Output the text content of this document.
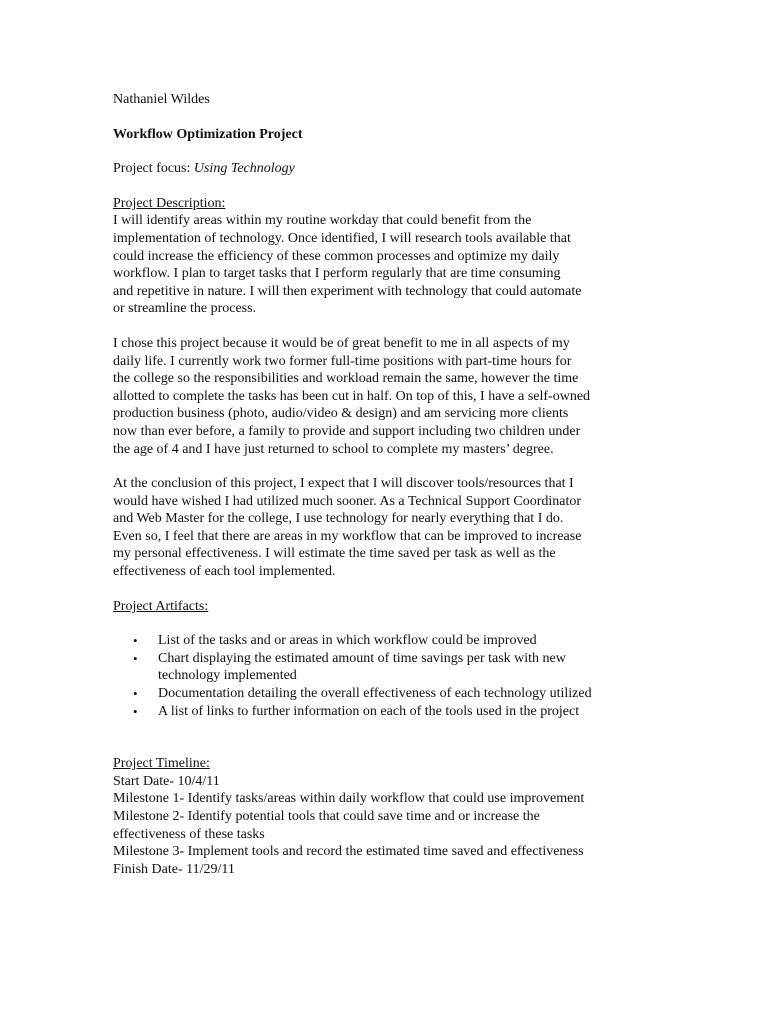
Nathaniel Wildes
Workflow Optimization Project
Project focus: Using Technology
Project Description:
I will identify areas within my routine workday that could benefit from the
implementation of technology. Once identified, I will research tools available that
could increase the efficiency of these common processes and optimize my daily
workflow. I plan to target tasks that I perform regularly that are time consuming
and repetitive in nature. I will then experiment with technology that could automate
or streamline the process.
I chose this project because it would be of great benefit to me in all aspects of my
daily life. I currently work two former full-time positions with part-time hours for
the college so the responsibilities and workload remain the same, however the time
allotted to complete the tasks has been cut in half. On top of this, I have a self-owned
production business (photo, audio/video & design) and am servicing more clients
now than ever before, a family to provide and support including two children under
the age of 4 and I have just returned to school to complete my masters’ degree.
At the conclusion of this project, I expect that I will discover tools/resources that I
would have wished I had utilized much sooner. As a Technical Support Coordinator
and Web Master for the college, I use technology for nearly everything that I do.
Even so, I feel that there are areas in my workflow that can be improved to increase
my personal effectiveness. I will estimate the time saved per task as well as the
effectiveness of each tool implemented.
Project Artifacts:
• List of the tasks and or areas in which workflow could be improved
• Chart displaying the estimated amount of time savings per task with new
technology implemented
• Documentation detailing the overall effectiveness of each technology utilized
• A list of links to further information on each of the tools used in the project
Project Timeline:
Start Date- 10/4/11
Milestone 1- Identify tasks/areas within daily workflow that could use improvement
Milestone 2- Identify potential tools that could save time and or increase the
effectiveness of these tasks
Milestone 3- Implement tools and record the estimated time saved and effectiveness
Finish Date- 11/29/11
